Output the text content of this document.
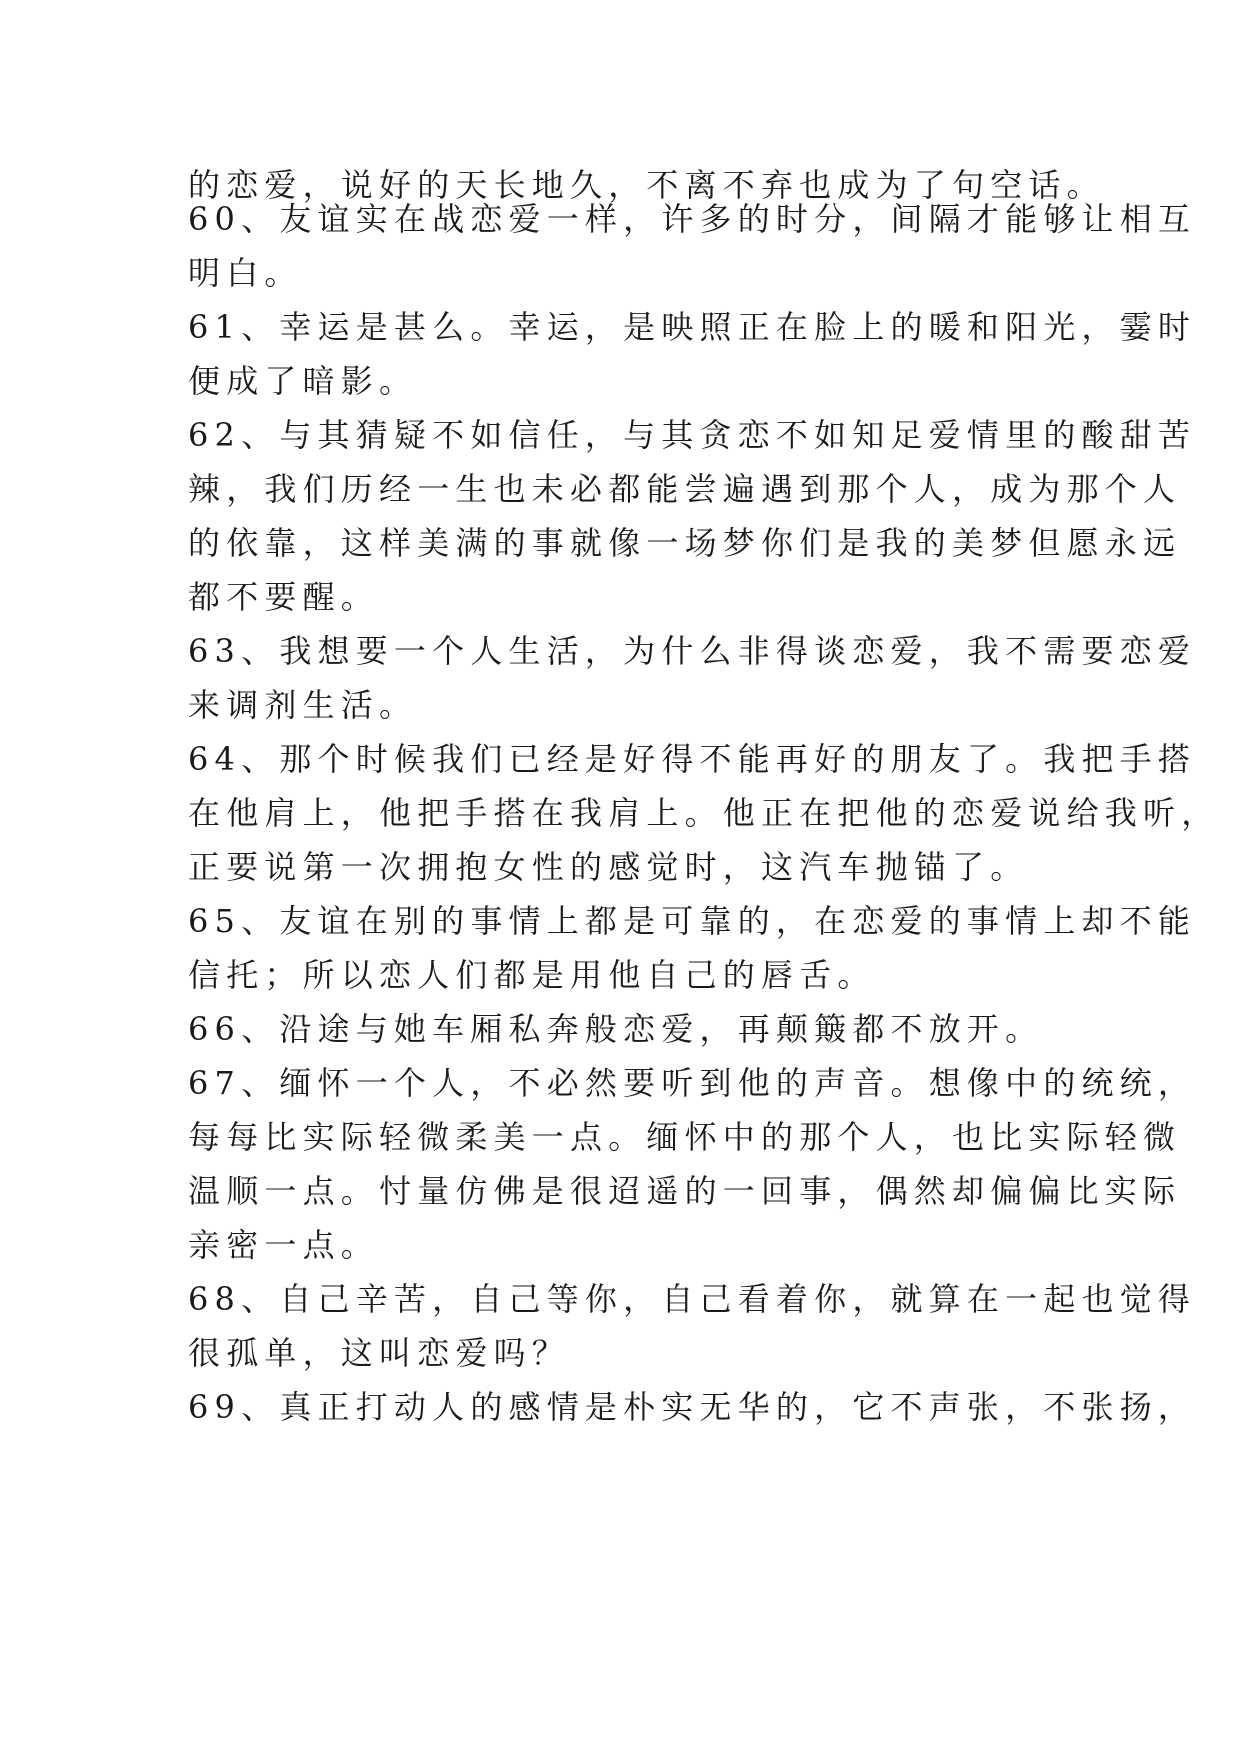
的恋爱，说好的天长地久，不离不弃也成为了句空话。

60、友谊实在战恋爱一样，许多的时分，间隔才能够让相互

明白。

61、幸运是甚么。幸运，是映照正在脸上的暖和阳光，霎时

便成了暗影。

62、与其猜疑不如信任，与其贪恋不如知足爱情里的酸甜苦

辣，我们历经一生也未必都能尝遍遇到那个人，成为那个人

的依靠，这样美满的事就像一场梦你们是我的美梦但愿永远

都不要醒。

63、我想要一个人生活，为什么非得谈恋爱，我不需要恋爱

来调剂生活。

64、那个时候我们已经是好得不能再好的朋友了。我把手搭

在他肩上，他把手搭在我肩上。他正在把他的恋爱说给我听，

正要说第一次拥抱女性的感觉时，这汽车抛锚了。

65、友谊在别的事情上都是可靠的，在恋爱的事情上却不能

信托；所以恋人们都是用他自己的唇舌。

66、沿途与她车厢私奔般恋爱，再颠簸都不放开。

67、缅怀一个人，不必然要听到他的声音。想像中的统统，

每每比实际轻微柔美一点。缅怀中的那个人，也比实际轻微

温顺一点。忖量仿佛是很迢遥的一回事，偶然却偏偏比实际

亲密一点。

68、自己辛苦，自己等你，自己看着你，就算在一起也觉得

很孤单，这叫恋爱吗？

69、真正打动人的感情是朴实无华的，它不声张，不张扬，
